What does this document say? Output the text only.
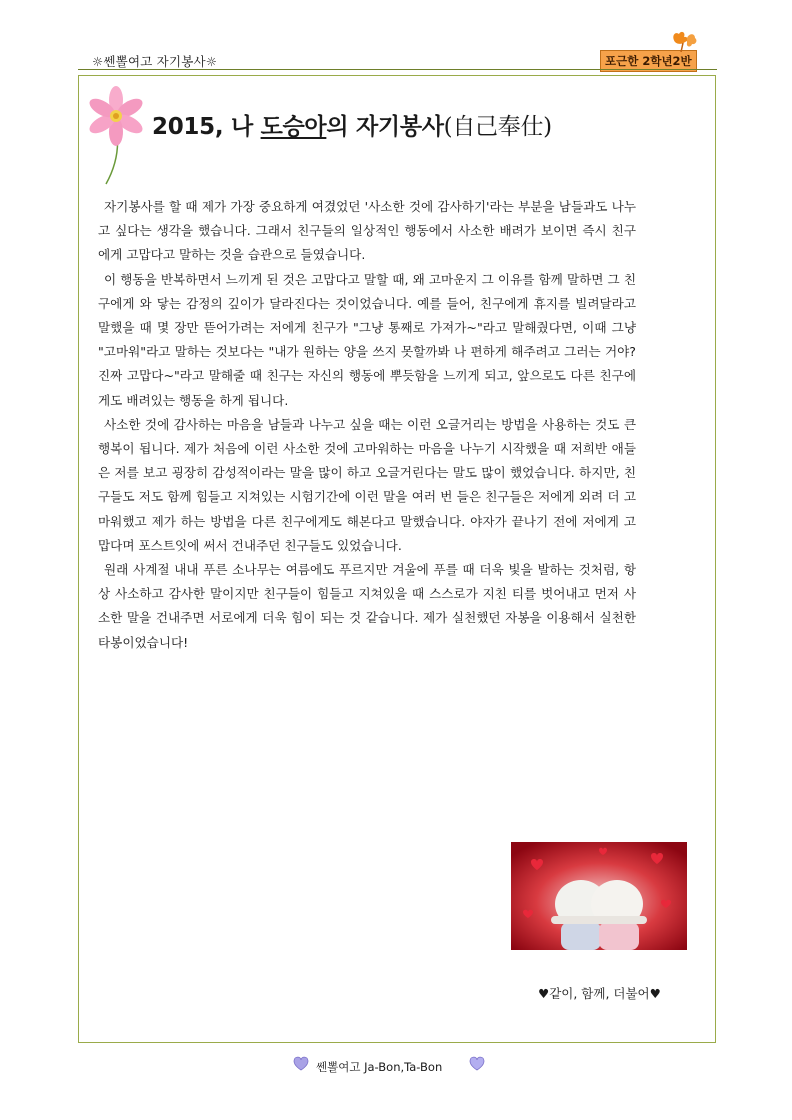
☼쎈뽈여고 자기봉사☼	포근한 2학년2반
2015, 나 도승아의 자기봉사(自己奉仕)

자기봉사를 할 때 제가 가장 중요하게 여겼었던 '사소한 것에 감사하기'라는 부분을 남들과도 나누고 싶다는 생각을 했습니다. 그래서 친구들의 일상적인 행동에서 사소한 배려가 보이면 즉시 친구에게 고맙다고 말하는 것을 습관으로 들였습니다.

이 행동을 반복하면서 느끼게 된 것은 고맙다고 말할 때, 왜 고마운지 그 이유를 함께 말하면 그 친구에게 와 닿는 감정의 깊이가 달라진다는 것이었습니다. 예를 들어, 친구에게 휴지를 빌려달라고 말했을 때 몇 장만 뜯어가려는 저에게 친구가 "그냥 통째로 가져가~"라고 말해줬다면, 이때 그냥 "고마워"라고 말하는 것보다는 "내가 원하는 양을 쓰지 못할까봐 나 편하게 해주려고 그러는 거야? 진짜 고맙다~"라고 말해줄 때 친구는 자신의 행동에 뿌듯함을 느끼게 되고, 앞으로도 다른 친구에게도 배려있는 행동을 하게 됩니다.

사소한 것에 감사하는 마음을 남들과 나누고 싶을 때는 이런 오글거리는 방법을 사용하는 것도 큰 행복이 됩니다. 제가 처음에 이런 사소한 것에 고마워하는 마음을 나누기 시작했을 때 저희반 애들은 저를 보고 굉장히 감성적이라는 말을 많이 하고 오글거린다는 말도 많이 했었습니다. 하지만, 친구들도 저도 함께 힘들고 지쳐있는 시험기간에 이런 말을 여러 번 들은 친구들은 저에게 외려 더 고마워했고 제가 하는 방법을 다른 친구에게도 해본다고 말했습니다. 야자가 끝나기 전에 저에게 고맙다며 포스트잇에 써서 건내주던 친구들도 있었습니다.

원래 사계절 내내 푸른 소나무는 여름에도 푸르지만 겨울에 푸를 때 더욱 빛을 발하는 것처럼, 항상 사소하고 감사한 말이지만 친구들이 힘들고 지쳐있을 때 스스로가 지친 티를 벗어내고 먼저 사소한 말을 건내주면 서로에게 더욱 힘이 되는 것 같습니다. 제가 실천했던 자봉을 이용해서 실천한 타봉이었습니다!

♥같이, 함께, 더불어♥
쎈뽈여고 Ja-Bon,Ta-Bon
